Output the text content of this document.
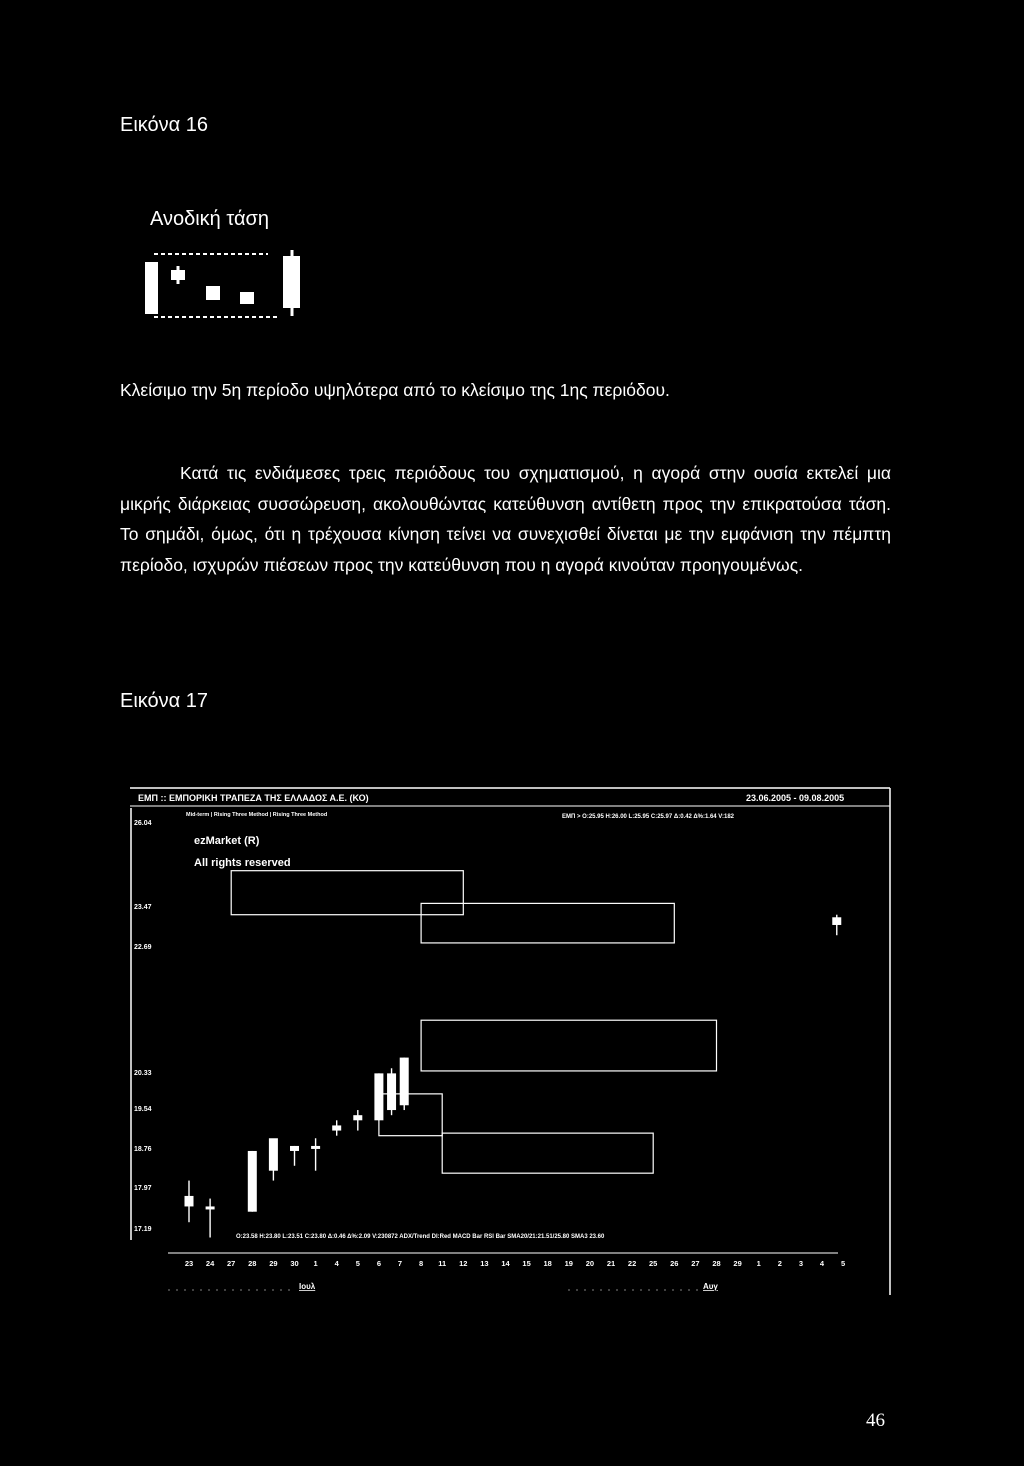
Εικόνα 16
Ανοδική τάση
Κλείσιμο την 5η περίοδο υψηλότερα από το κλείσιμο της 1ης περιόδου.

Κατά τις ενδιάμεσες τρεις περιόδους του σχηματισμού, η αγορά στην ουσία εκτελεί μια μικρής διάρκειας συσσώρευση, ακολουθώντας κατεύθυνση αντίθετη προς την επικρατούσα τάση. Το σημάδι, όμως, ότι η τρέχουσα κίνηση τείνει να συνεχισθεί δίνεται με την εμφάνιση την πέμπτη περίοδο, ισχυρών πιέσεων προς την κατεύθυνση που η αγορά κινούταν προηγουμένως.

Εικόνα 17
ΕΜΠ :: ΕΜΠΟΡΙΚΗ ΤΡΑΠΕΖΑ ΤΗΣ ΕΛΛΑΔΟΣ Α.Ε. (ΚΟ)	23.06.2005 - 09.08.2005
Mid-term | Rising Three Method | Rising Three Method	ΕΜΠ > O:25.95 H:26.00 L:25.95 C:25.97 Δ:0.42 Δ%:1.64 V:182
ezMarket (R)
All rights reserved
26.04
23.47
22.69
20.33
19.54
18.76
17.97
17.19
O:23.58 H:23.80 L:23.51 C:23.80 Δ:0.46 Δ%:2.09 V:230872 ADX/Trend DI:Red MACD Bar RSI Bar SMA20/21:21.51/25.80 SMA3 23.60
23 24 27 28 29 30 1 4 5 6 7 8 11 12 13 14 15 18 19 20 21 22 25 26 27 28 29 1 2 3 4 5
Ιουλ	Αυγ
46
